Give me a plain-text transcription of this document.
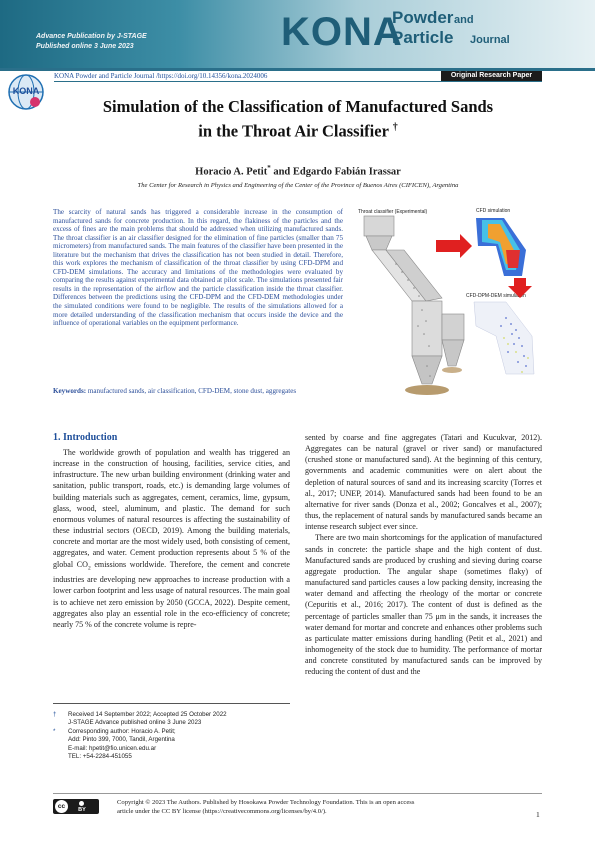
Advance Publication by J-STAGE
Published online 3 June 2023	KONA
Powder and
Particle Journal
KONA
KONA Powder and Particle Journal /https://doi.org/10.14356/kona.2024006	Original Research Paper
Simulation of the Classification of Manufactured Sands
in the Throat Air Classifier †
Horacio A. Petit* and Edgardo Fabián Irassar
The Center for Research in Physics and Engineering of the Center of the Province of Buenos Aires (CIFICEN), Argentina
The scarcity of natural sands has triggered a considerable increase in the consumption of manufactured sands for concrete production. In this regard, the flakiness of the particles and the excess of fines are the main problems that should be addressed when utilizing manufactured sands. The throat classifier is an air classifier designed for the elimination of fine particles (smaller than 75 micrometers) from manufactured sands. The main features of the classifier have been presented in the literature but the mechanism that drives the classification has not been studied in detail. Therefore, this work explores the mechanism of classification of the throat classifier by using CFD-DPM and CFD-DEM simulations. The accuracy and limitations of the methodologies were evaluated by comparing the results against experimental data obtained at pilot scale. The simulations presented fair results in the representation of the airflow and the particle classification inside the throat classifier. Differences between the predictions using the CFD-DPM and the CFD-DEM methodologies under the simulated conditions were found to be negligible. The results of the simulations allowed for a more detailed understanding of the classification mechanism that occurs inside the device and the influence of operational variables on the equipment performance.
Keywords: manufactured sands, air classification, CFD-DEM, stone dust, aggregates
Throat classifier (Experimental)	CFD simulation
CFD-DPM-DEM simulation
1. Introduction

The worldwide growth of population and wealth has triggered an increase in the construction of housing, facilities, service cities, and infrastructure. The new urban building environment (drinking water and sanitation, public transport, roads, etc.) is demanding large volumes of building materials such as aggregates, cement, ceramics, lime, gypsum, glass, wood, steel, aluminum, and plastic. The demand for such enormous volumes of natural resources is affecting the sustainability of these industrial sectors (OECD, 2019). Among the building materials, concrete and mortar are the most widely used, both consisting of cement, aggregates, and water. Cement production represents about 5 % of the global $CO_2$ emissions worldwide. Therefore, the cement and concrete industries are developing new approaches to increase production with a lower carbon footprint and less usage of natural resources. The main goal is to achieve net zero emission by 2050 (GCCA, 2022). Despite cement, aggregates also play an essential role in the eco-efficiency of concrete; nearly 75 % of the concrete volume is repre-

sented by coarse and fine aggregates (Tatari and Kucukvar, 2012). Aggregates can be natural (gravel or river sand) or manufactured (crushed stone or manufactured sand). At the beginning of this century, governments and academic communities were on alert about the depletion of natural sources of sand and its increasing scarcity (Torres et al., 2017; UNEP, 2014). Manufactured sands had been found to be an alternative for river sands (Donza et al., 2002; Goncalves et al., 2007); thus, the replacement of natural sands by manufactured sands became an intense research subject ever since.

There are two main shortcomings for the application of manufactured sands in concrete: the particle shape and the high content of dust. Manufactured sands are produced by crushing and sieving during coarse aggregate production. The angular shape (sometimes flaky) of manufactured sand particles causes a low packing density, increasing the water demand and affecting the rheology of the mortar or concrete (Cepuritis et al., 2016; 2017). The content of dust is defined as the percentage of particles smaller than 75 μm in the sands, it increases the water demand for mortar and concrete and enhances other problems such as particulate matter emissions during handling (Petit et al., 2021) and inhomogeneity of the stock due to humidity. The performance of mortar and concrete constituted by manufactured sands can be improved by reducing the content of dust and the

† Received 14 September 2022; Accepted 25 October 2022
J-STAGE Advance published online 3 June 2023
* Corresponding author: Horacio A. Petit;
Add: Pinto 399, 7000, Tandil, Argentina
E-mail: hpetit@fio.unicen.edu.ar
TEL: +54-2284-451055
cc	BY
Copyright © 2023 The Authors. Published by Hosokawa Powder Technology Foundation. This is an open access
article under the CC BY license (https://creativecommons.org/licenses/by/4.0/).	1
